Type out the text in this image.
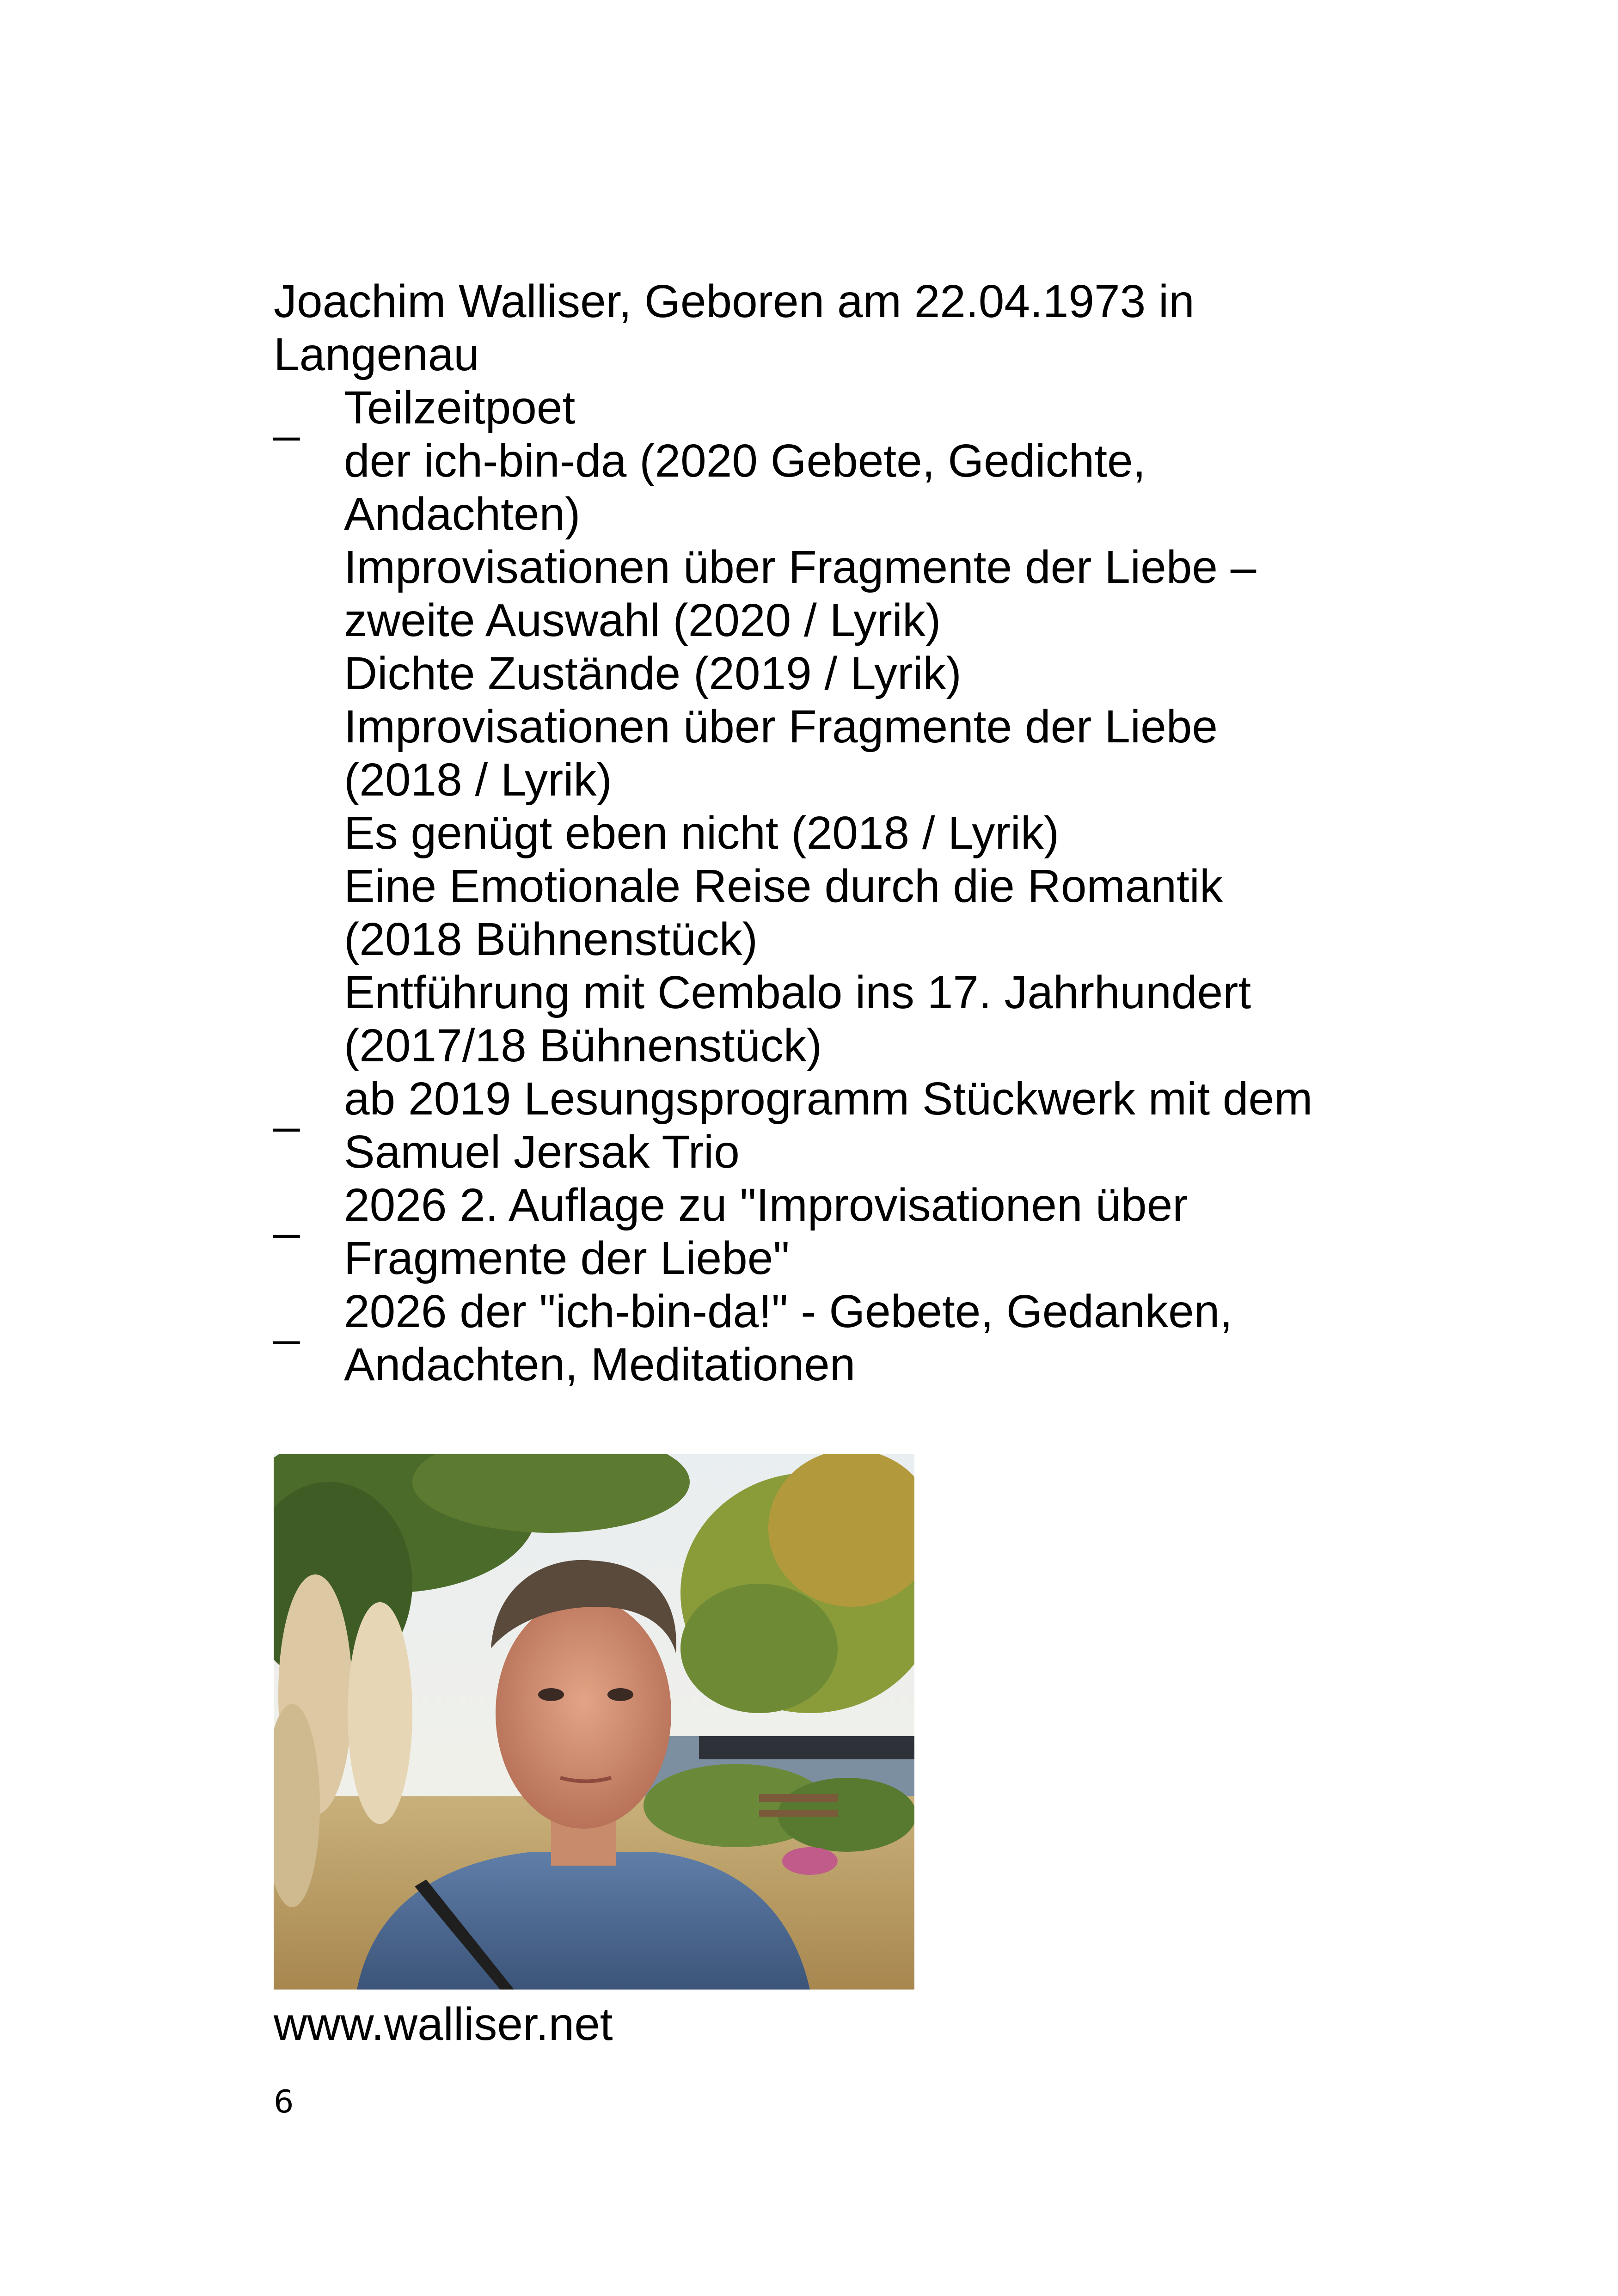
Joachim Walliser, Geboren am 22.04.1973 in
Langenau
_ Teilzeitpoet
der ich-bin-da (2020 Gebete, Gedichte,
Andachten)
Improvisationen über Fragmente der Liebe –
zweite Auswahl (2020 / Lyrik)
Dichte Zustände (2019 / Lyrik)
Improvisationen über Fragmente der Liebe
(2018 / Lyrik)
Es genügt eben nicht (2018 / Lyrik)
Eine Emotionale Reise durch die Romantik
(2018 Bühnenstück)
Entführung mit Cembalo ins 17. Jahrhundert
(2017/18 Bühnenstück)
_ ab 2019 Lesungsprogramm Stückwerk mit dem
Samuel Jersak Trio
_ 2026 2. Auflage zu "Improvisationen über
Fragmente der Liebe"
_ 2026 der "ich-bin-da!" - Gebete, Gedanken,
Andachten, Meditationen
www.walliser.net
6
